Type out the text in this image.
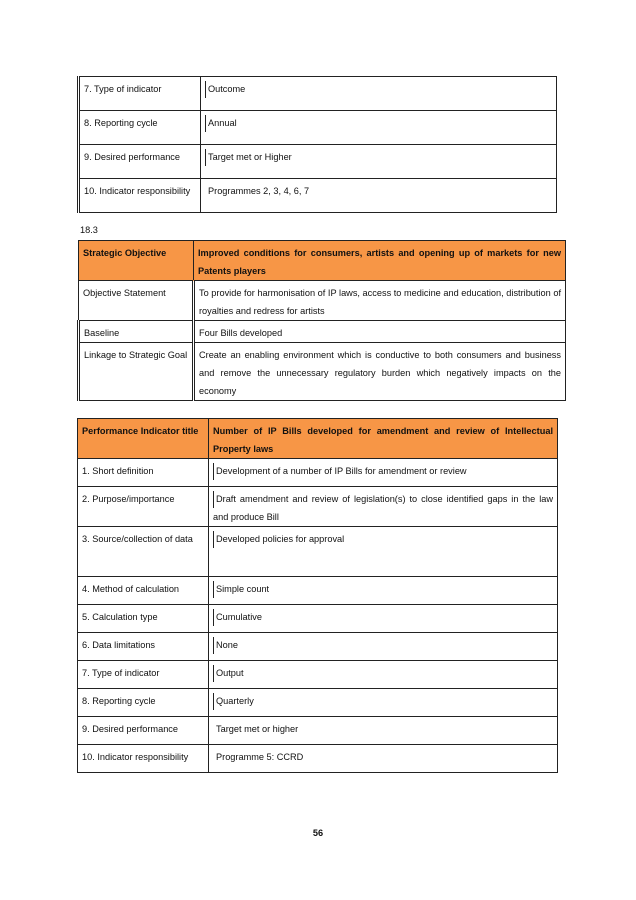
7. Type of indicator	Outcome
8. Reporting cycle	Annual
9. Desired performance	Target met or Higher
10. Indicator responsibility	Programmes 2, 3, 4, 6, 7
18.3
Strategic Objective	Improved conditions for consumers, artists and opening up of markets for new Patents players
Objective Statement	To provide for harmonisation of IP laws, access to medicine and education, distribution of royalties and redress for artists
Baseline	Four Bills developed
Linkage to Strategic Goal	Create an enabling environment which is conductive to both consumers and business and remove the unnecessary regulatory burden which negatively impacts on the economy
Performance Indicator title	Number of IP Bills developed for amendment and review of Intellectual Property laws
1. Short definition	Development of a number of IP Bills for amendment or review
2. Purpose/importance	Draft amendment and review of legislation(s) to close identified gaps in the law and produce Bill
3. Source/collection of data	Developed policies for approval
4. Method of calculation	Simple count
5. Calculation type	Cumulative
6. Data limitations	None
7. Type of indicator	Output
8. Reporting cycle	Quarterly
9. Desired performance	Target met or higher
10. Indicator responsibility	Programme 5: CCRD
56
